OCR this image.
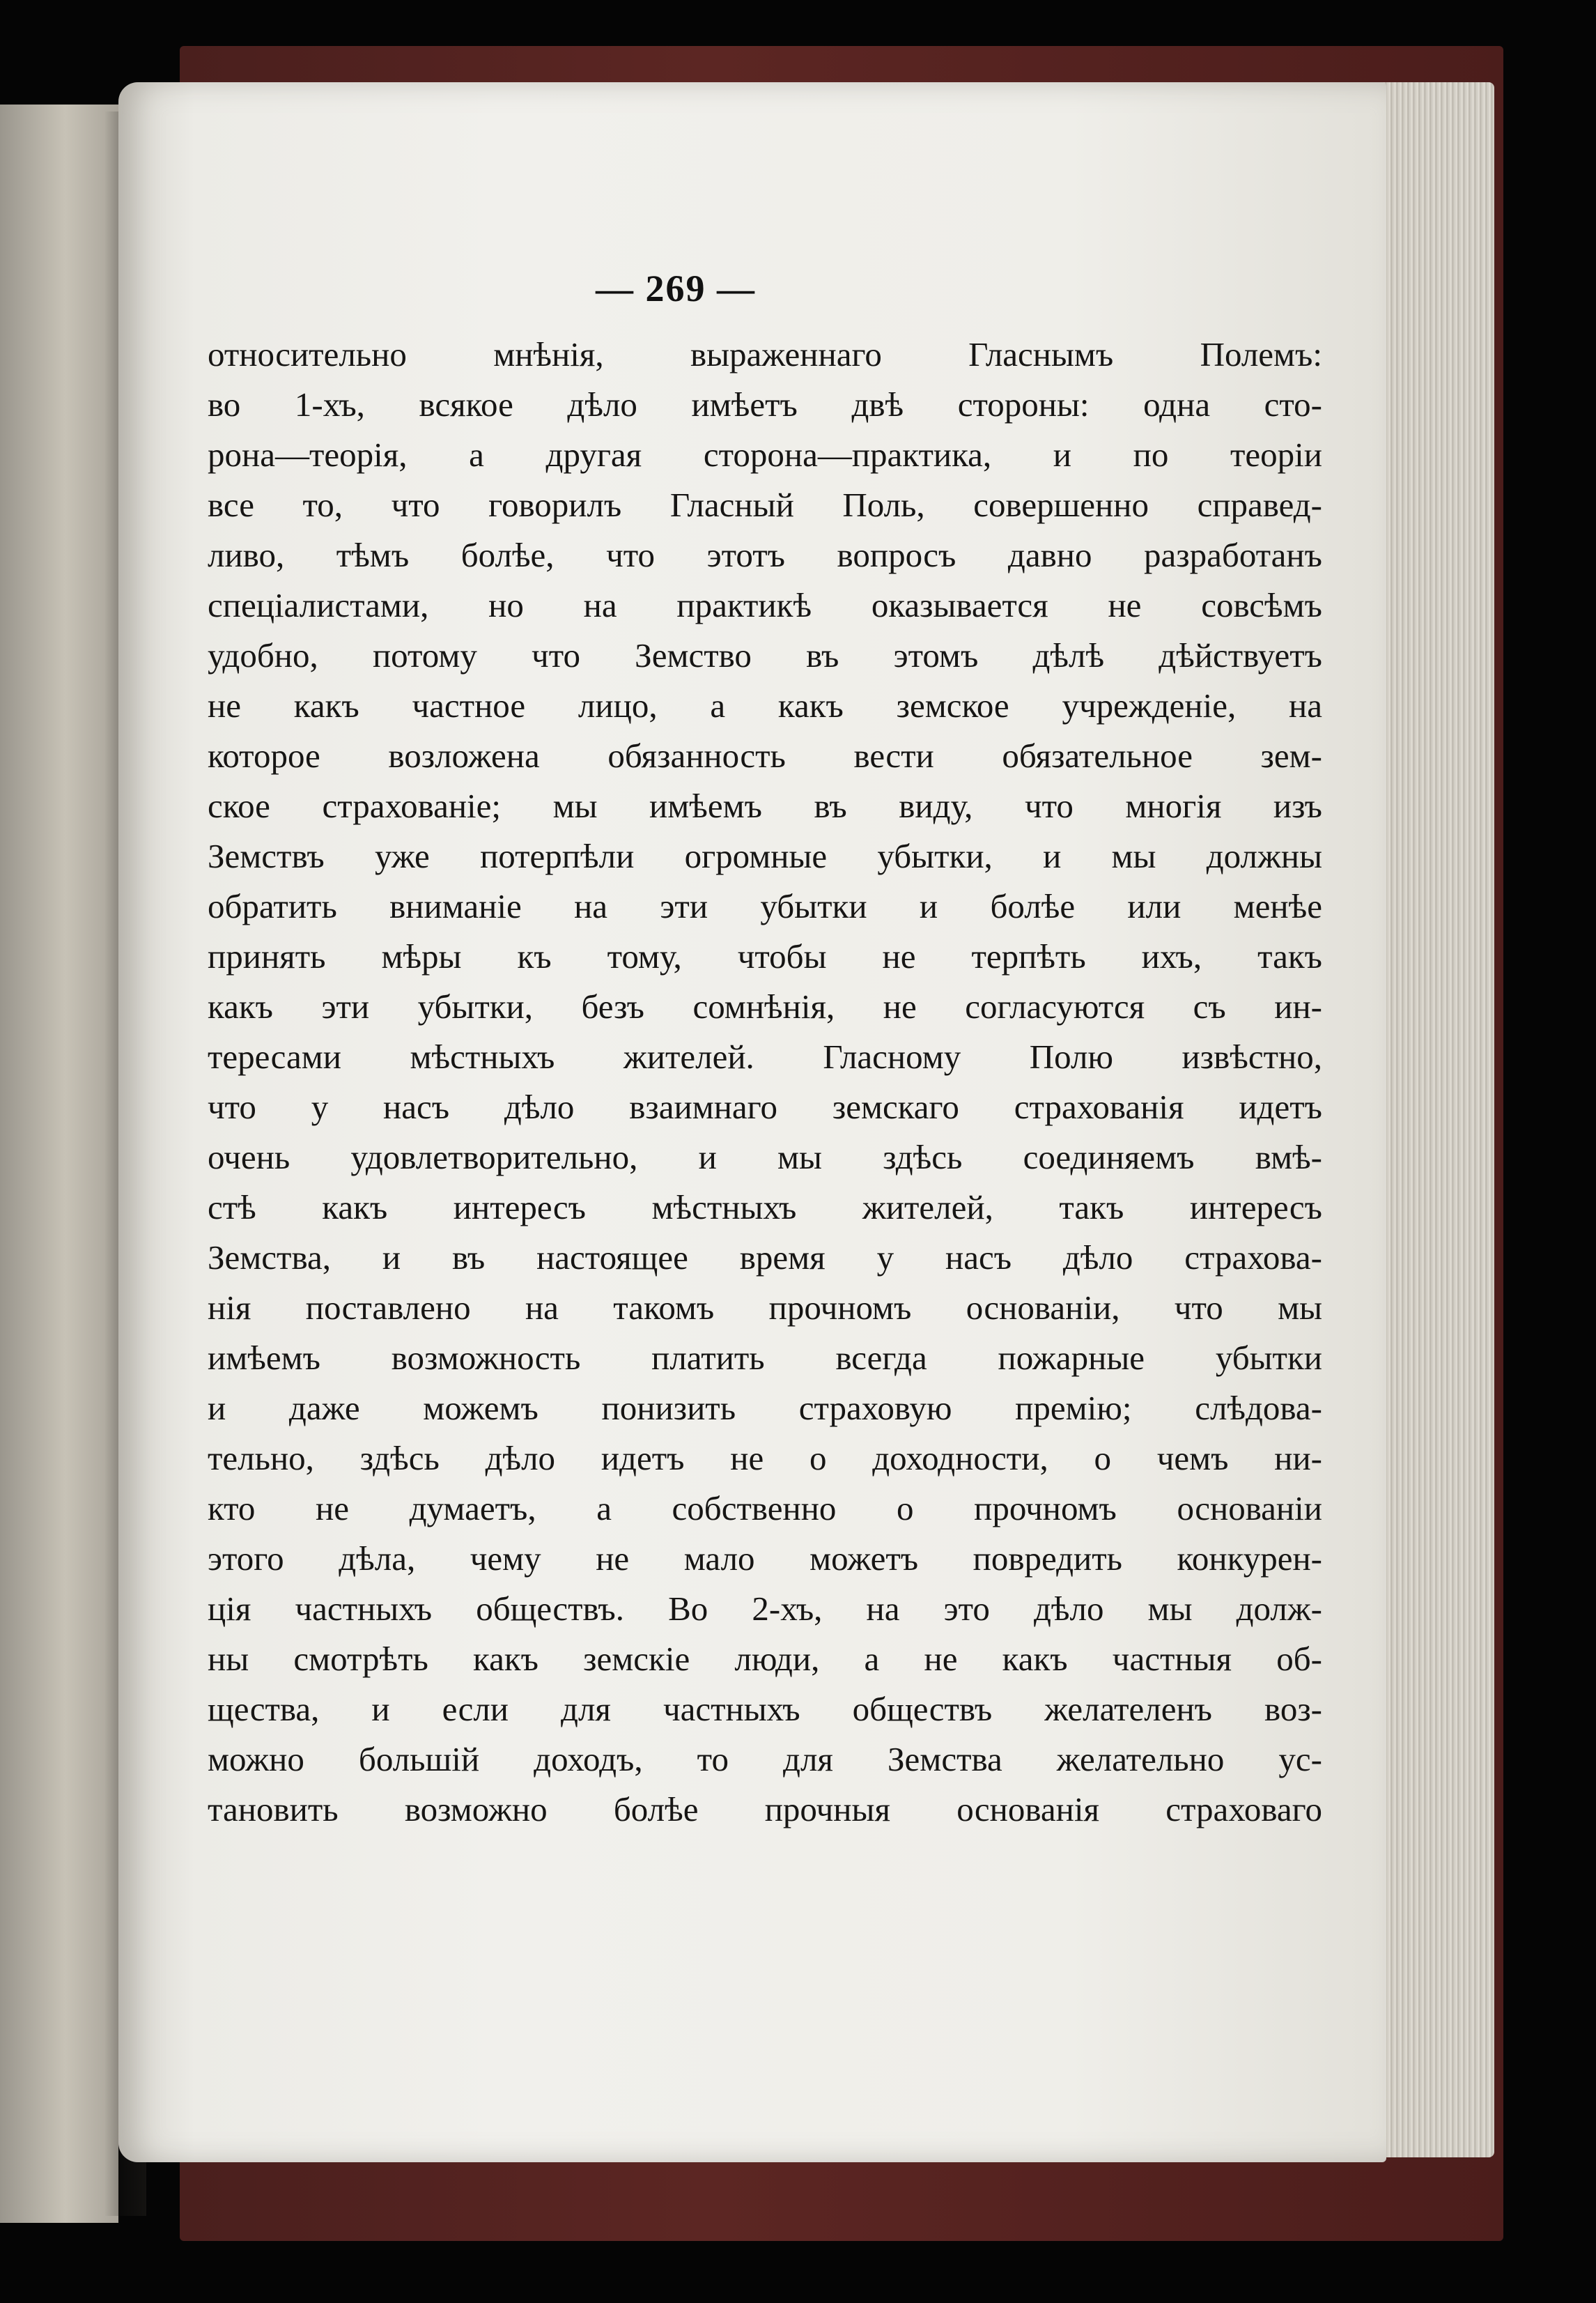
— 269 —
относительно мнѣнія, выраженнаго Гласнымъ Полемъ:
во 1-хъ, всякое дѣло имѣетъ двѣ стороны: одна сто-
рона—теорія, а другая сторона—практика, и по теоріи
все то, что говорилъ Гласный Поль, совершенно справед-
ливо, тѣмъ болѣе, что этотъ вопросъ давно разработанъ
спеціалистами, но на практикѣ оказывается не совсѣмъ
удобно, потому что Земство въ этомъ дѣлѣ дѣйствуетъ
не какъ частное лицо, а какъ земское учрежденіе, на
которое возложена обязанность вести обязательное зем-
ское страхованіе; мы имѣемъ въ виду, что многія изъ
Земствъ уже потерпѣли огромные убытки, и мы должны
обратить вниманіе на эти убытки и болѣе или менѣе
принять мѣры къ тому, чтобы не терпѣть ихъ, такъ
какъ эти убытки, безъ сомнѣнія, не согласуются съ ин-
тересами мѣстныхъ жителей. Гласному Полю извѣстно,
что у насъ дѣло взаимнаго земскаго страхованія идетъ
очень удовлетворительно, и мы здѣсь соединяемъ вмѣ-
стѣ какъ интересъ мѣстныхъ жителей, такъ интересъ
Земства, и въ настоящее время у насъ дѣло страхова-
нія поставлено на такомъ прочномъ основаніи, что мы
имѣемъ возможность платить всегда пожарные убытки
и даже можемъ понизить страховую премію; слѣдова-
тельно, здѣсь дѣло идетъ не о доходности, о чемъ ни-
кто не думаетъ, а собственно о прочномъ основаніи
этого дѣла, чему не мало можетъ повредить конкурен-
ція частныхъ обществъ. Во 2-хъ, на это дѣло мы долж-
ны смотрѣть какъ земскіе люди, а не какъ частныя об-
щества, и если для частныхъ обществъ желателенъ воз-
можно большій доходъ, то для Земства желательно ус-
тановить возможно болѣе прочныя основанія страховаго
